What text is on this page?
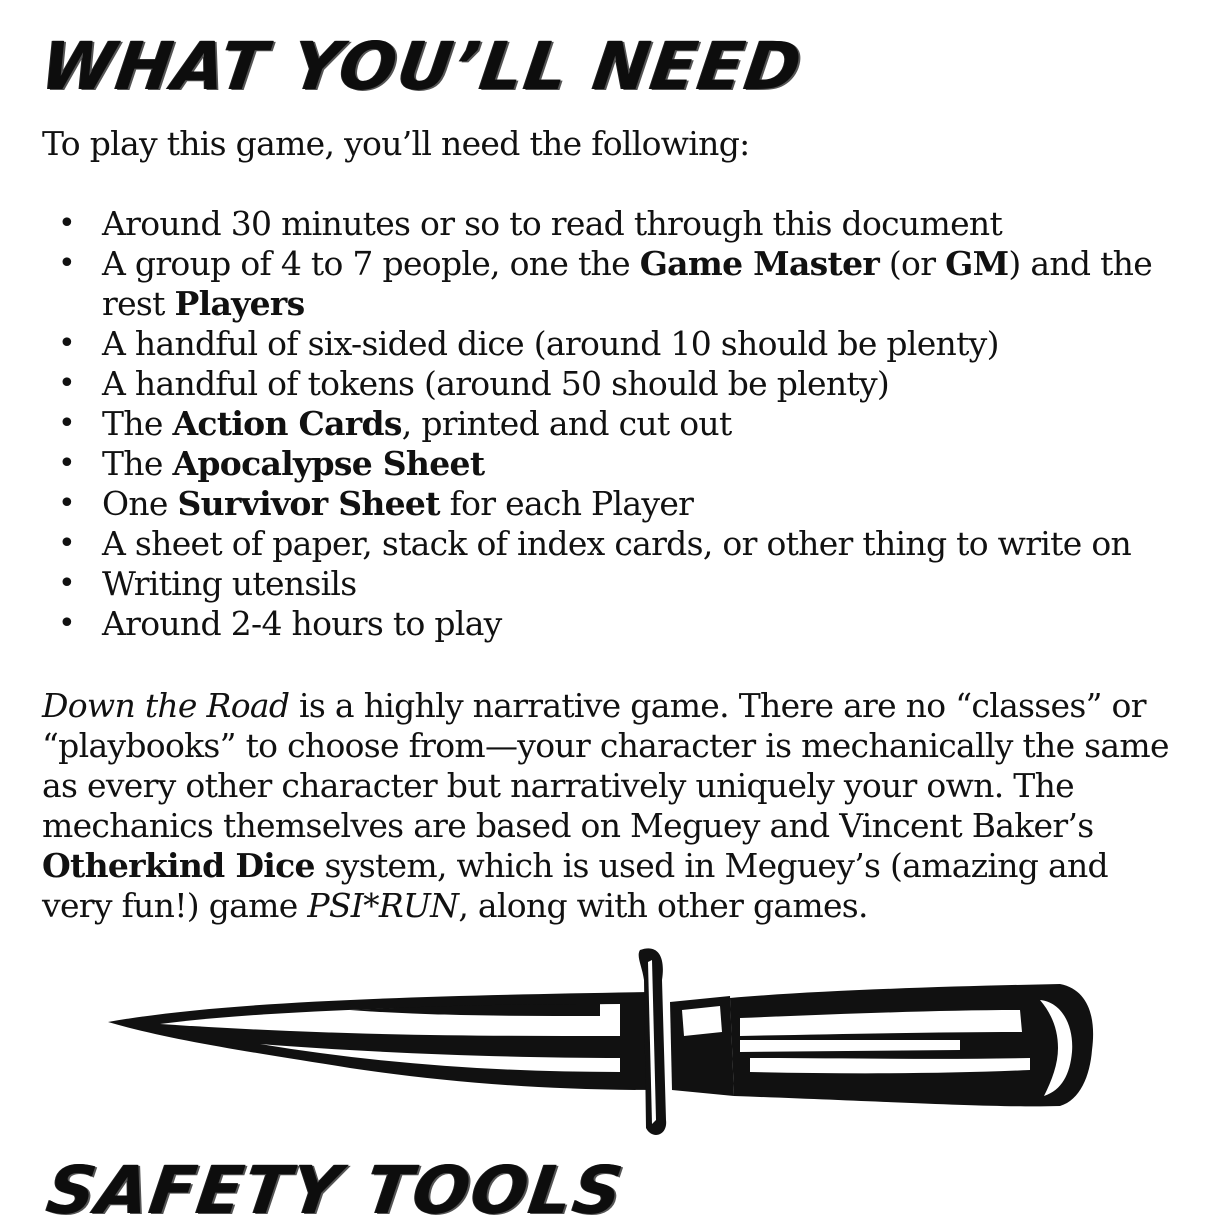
WHAT YOU’LL NEED

To play this game, you’ll need the following:

• Around 30 minutes or so to read through this document
• A group of 4 to 7 people, one the Game Master (or GM) and the rest Players
• A handful of six-sided dice (around 10 should be plenty)
• A handful of tokens (around 50 should be plenty)
• The Action Cards, printed and cut out
• The Apocalypse Sheet
• One Survivor Sheet for each Player
• A sheet of paper, stack of index cards, or other thing to write on
• Writing utensils
• Around 2-4 hours to play

Down the Road is a highly narrative game. There are no “classes” or “playbooks” to choose from—your character is mechanically the same as every other character but narratively uniquely your own. The mechanics themselves are based on Meguey and Vincent Baker’s Otherkind Dice system, which is used in Meguey’s (amazing and very fun!) game PSI*RUN, along with other games.

SAFETY TOOLS
